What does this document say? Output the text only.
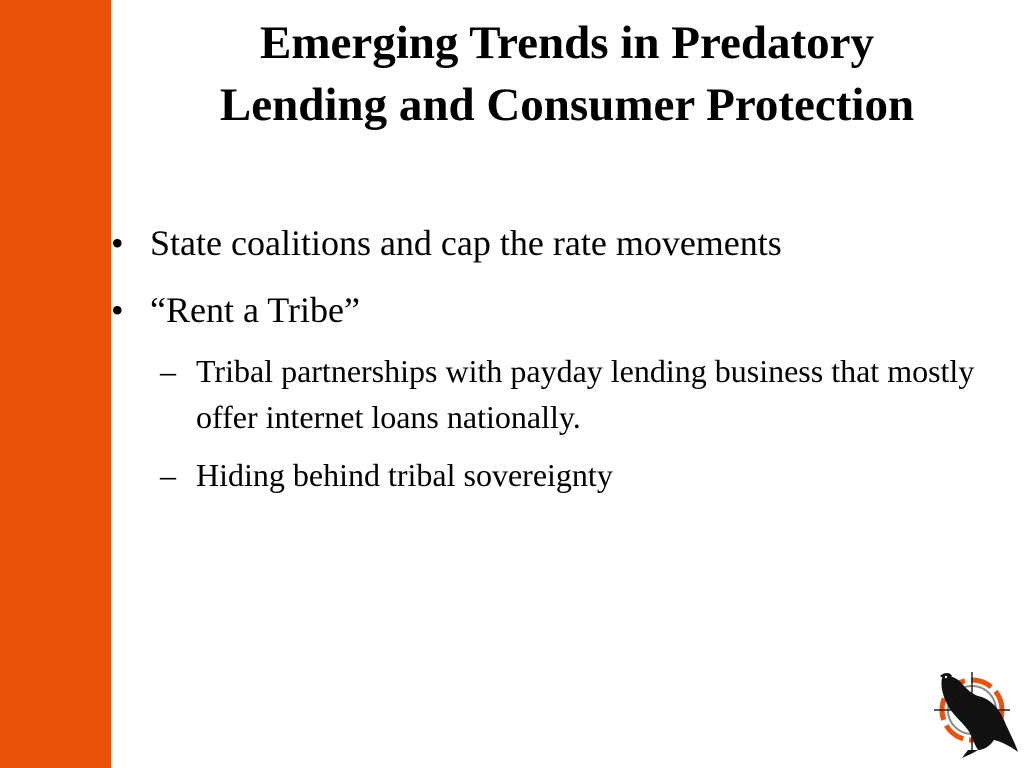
Emerging Trends in Predatory
Lending and Consumer Protection
• State coalitions and cap the rate movements
• “Rent a Tribe”
– Tribal partnerships with payday lending business that mostly offer internet loans nationally.
– Hiding behind tribal sovereignty
